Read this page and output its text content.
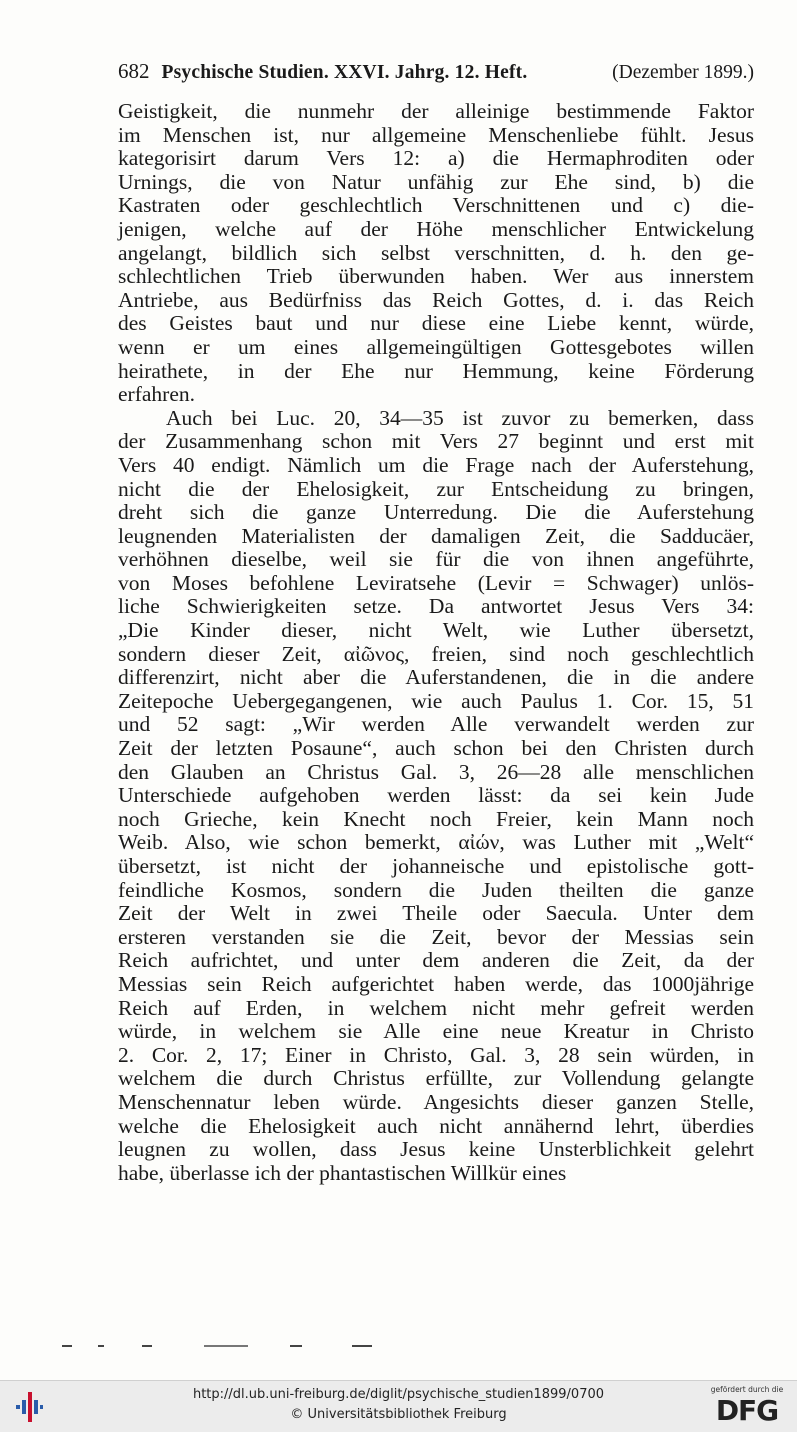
682 Psychische Studien. XXVI. Jahrg. 12. Heft.	(Dezember 1899.)
Geistigkeit, die nunmehr der alleinige bestimmende Faktor
im Menschen ist, nur allgemeine Menschenliebe fühlt. Jesus
kategorisirt darum Vers 12: a) die Hermaphroditen oder
Urnings, die von Natur unfähig zur Ehe sind, b) die
Kastraten oder geschlechtlich Verschnittenen und c) die-
jenigen, welche auf der Höhe menschlicher Entwickelung
angelangt, bildlich sich selbst verschnitten, d. h. den ge-
schlechtlichen Trieb überwunden haben. Wer aus innerstem
Antriebe, aus Bedürfniss das Reich Gottes, d. i. das Reich
des Geistes baut und nur diese eine Liebe kennt, würde,
wenn er um eines allgemeingültigen Gottesgebotes willen
heirathete, in der Ehe nur Hemmung, keine Förderung
erfahren.
Auch bei Luc. 20, 34—35 ist zuvor zu bemerken, dass
der Zusammenhang schon mit Vers 27 beginnt und erst mit
Vers 40 endigt. Nämlich um die Frage nach der Auferstehung,
nicht die der Ehelosigkeit, zur Entscheidung zu bringen,
dreht sich die ganze Unterredung. Die die Auferstehung
leugnenden Materialisten der damaligen Zeit, die Sadducäer,
verhöhnen dieselbe, weil sie für die von ihnen angeführte,
von Moses befohlene Leviratsehe (Levir = Schwager) unlös-
liche Schwierigkeiten setze. Da antwortet Jesus Vers 34:
„Die Kinder dieser, nicht Welt, wie Luther übersetzt,
sondern dieser Zeit, αἰῶνος, freien, sind noch geschlechtlich
differenzirt, nicht aber die Auferstandenen, die in die andere
Zeitepoche Uebergegangenen, wie auch Paulus 1. Cor. 15, 51
und 52 sagt: „Wir werden Alle verwandelt werden zur
Zeit der letzten Posaune“, auch schon bei den Christen durch
den Glauben an Christus Gal. 3, 26—28 alle menschlichen
Unterschiede aufgehoben werden lässt: da sei kein Jude
noch Grieche, kein Knecht noch Freier, kein Mann noch
Weib. Also, wie schon bemerkt, αἰών, was Luther mit „Welt“
übersetzt, ist nicht der johanneische und epistolische gott-
feindliche Kosmos, sondern die Juden theilten die ganze
Zeit der Welt in zwei Theile oder Saecula. Unter dem
ersteren verstanden sie die Zeit, bevor der Messias sein
Reich aufrichtet, und unter dem anderen die Zeit, da der
Messias sein Reich aufgerichtet haben werde, das 1000jährige
Reich auf Erden, in welchem nicht mehr gefreit werden
würde, in welchem sie Alle eine neue Kreatur in Christo
2. Cor. 2, 17; Einer in Christo, Gal. 3, 28 sein würden, in
welchem die durch Christus erfüllte, zur Vollendung gelangte
Menschennatur leben würde. Angesichts dieser ganzen Stelle,
welche die Ehelosigkeit auch nicht annähernd lehrt, überdies
leugnen zu wollen, dass Jesus keine Unsterblichkeit gelehrt
habe, überlasse ich der phantastischen Willkür eines
http://dl.ub.uni-freiburg.de/diglit/psychische_studien1899/0700
© Universitätsbibliothek Freiburg
gefördert durch die
DFG
